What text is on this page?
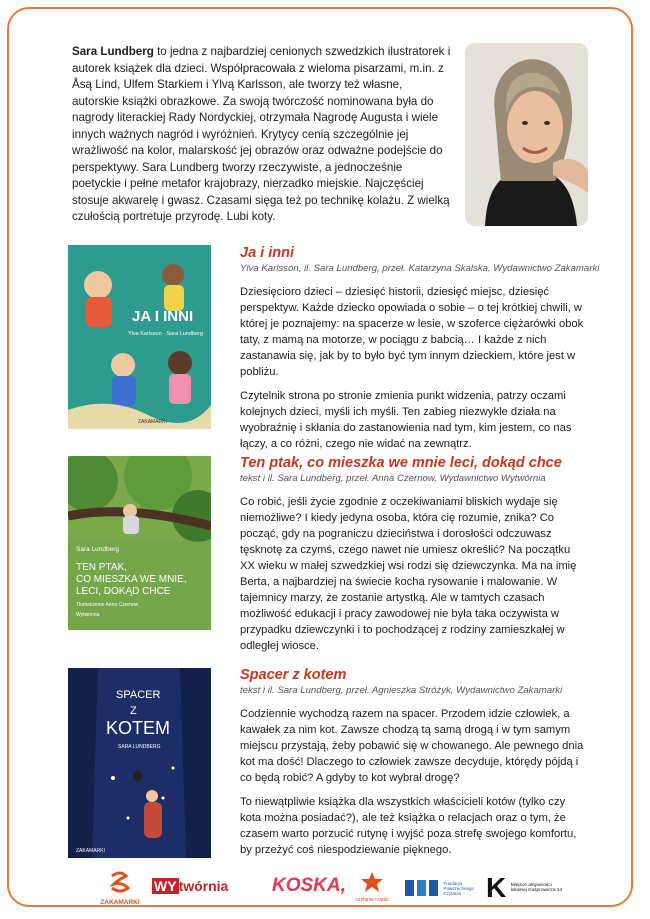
Sara Lundberg to jedna z najbardziej cenionych szwedzkich ilustratorek i autorek książek dla dzieci. Współpracowała z wieloma pisarzami, m.in. z Åsą Lind, Ulfem Starkiem i Ylvą Karlsson, ale tworzy też własne, autorskie książki obrazkowe. Za swoją twórczość nominowana była do nagrody literackiej Rady Nordyckiej, otrzymała Nagrodę Augusta i wiele innych ważnych nagród i wyróżnień. Krytycy cenią szczególnie jej wrażliwość na kolor, malarskość jej obrazów oraz odważne podejście do perspektywy. Sara Lundberg tworzy rzeczywiste, a jednocześnie poetyckie i pełne metafor krajobrazy, nierzadko miejskie. Najczęściej stosuje akwarelę i gwasz. Czasami sięga też po technikę kolażu. Z wielką czułością portretuje przyrodę. Lubi koty.

JA I INNI
Ylva Karlsson · Sara Lundberg
ZAKAMARKI
Ja i inni
Ylva Karlsson, il. Sara Lundberg, przeł. Katarzyna Skalska, Wydawnictwo Zakamarki

Dziesięcioro dzieci – dziesięć historii, dziesięć miejsc, dziesięć perspektyw. Każde dziecko opowiada o sobie – o tej krótkiej chwili, w której je poznajemy: na spacerze w lesie, w szoferce ciężarówki obok taty, z mamą na motorze, w pociągu z babcią… I każde z nich zastanawia się, jak by to było być tym innym dzieckiem, które jest w pobliżu.

Czytelnik strona po stronie zmienia punkt widzenia, patrzy oczami kolejnych dzieci, myśli ich myśli. Ten zabieg niezwykle działa na wyobraźnię i skłania do zastanowienia nad tym, kim jestem, co nas łączy, a co różni, czego nie widać na zewnątrz.

Sara Lundberg
TEN PTAK,
CO MIESZKA WE MNIE,
LECI, DOKĄD CHCE
Tłumaczenie Anna Czernow
Wytwórnia
Ten ptak, co mieszka we mnie leci, dokąd chce
tekst i il. Sara Lundberg, przeł. Anna Czernow, Wydawnictwo Wytwórnia

Co robić, jeśli życie zgodnie z oczekiwaniami bliskich wydaje się niemożliwe? I kiedy jedyna osoba, która cię rozumie, znika? Co począć, gdy na pograniczu dzieciństwa i dorosłości odczuwasz tęsknotę za czymś, czego nawet nie umiesz określić? Na początku XX wieku w małej szwedzkiej wsi rodzi się dziewczynka. Ma na imię Berta, a najbardziej na świecie kocha rysowanie i malowanie. W tajemnicy marzy, że zostanie artystką. Ale w tamtych czasach możliwość edukacji i pracy zawodowej nie była taka oczywista w przypadku dziewczynki i to pochodzącej z rodziny zamieszkałej w odległej wiosce.

SPACER
Z
KOTEM
SARA LUNDBERG
ZAKAMARKI
Spacer z kotem
tekst i il. Sara Lundberg, przeł. Agnieszka Stróżyk, Wydawnictwo Zakamarki

Codziennie wychodzą razem na spacer. Przodem idzie człowiek, a kawałek za nim kot. Zawsze chodzą tą samą drogą i w tym samym miejscu przystają, żeby pobawić się w chowanego. Ale pewnego dnia kot ma dość! Dlaczego to człowiek zawsze decyduje, którędy pójdą i co będą robić? A gdyby to kot wybrał drogę?

To niewątpliwie książka dla wszystkich właścicieli kotów (tylko czy kota można posiadać?), ale też książka o relacjach oraz o tym, że czasem warto porzucić rutynę i wyjść poza strefę swojego komfortu, by przeżyć coś niespodziewanie pięknego.

ZAKAMARKI
WY twórnia KOSKA,
czytanie rządzi
Fundacja Powszechnego Czytania K Miejsce aktywności lokalnej Kasprowicza 14
